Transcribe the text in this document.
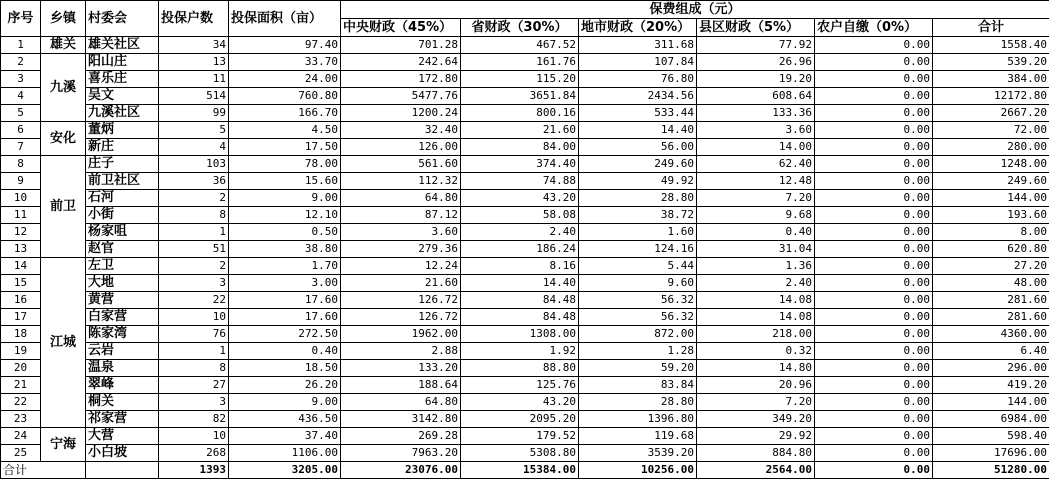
序号	乡镇	村委会	投保户数	投保面积（亩）	保费组成（元）					
					中央财政（45%）	省财政（30%）	地市财政（20%）	县区财政（5%）	农户自缴（0%）	合计
1	雄关	雄关社区	34	97.40	701.28	467.52	311.68	77.92	0.00	1558.40
2	九溪	阳山庄	13	33.70	242.64	161.76	107.84	26.96	0.00	539.20
3		喜乐庄	11	24.00	172.80	115.20	76.80	19.20	0.00	384.00
4		吴文	514	760.80	5477.76	3651.84	2434.56	608.64	0.00	12172.80
5		九溪社区	99	166.70	1200.24	800.16	533.44	133.36	0.00	2667.20
6	安化	董炳	5	4.50	32.40	21.60	14.40	3.60	0.00	72.00
7		新庄	4	17.50	126.00	84.00	56.00	14.00	0.00	280.00
8	前卫	庄子	103	78.00	561.60	374.40	249.60	62.40	0.00	1248.00
9		前卫社区	36	15.60	112.32	74.88	49.92	12.48	0.00	249.60
10		石河	2	9.00	64.80	43.20	28.80	7.20	0.00	144.00
11		小街	8	12.10	87.12	58.08	38.72	9.68	0.00	193.60
12		杨家咀	1	0.50	3.60	2.40	1.60	0.40	0.00	8.00
13		赵官	51	38.80	279.36	186.24	124.16	31.04	0.00	620.80
14	江城	左卫	2	1.70	12.24	8.16	5.44	1.36	0.00	27.20
15		大地	3	3.00	21.60	14.40	9.60	2.40	0.00	48.00
16		黄营	22	17.60	126.72	84.48	56.32	14.08	0.00	281.60
17		白家营	10	17.60	126.72	84.48	56.32	14.08	0.00	281.60
18		陈家湾	76	272.50	1962.00	1308.00	872.00	218.00	0.00	4360.00
19		云岩	1	0.40	2.88	1.92	1.28	0.32	0.00	6.40
20		温泉	8	18.50	133.20	88.80	59.20	14.80	0.00	296.00
21		翠峰	27	26.20	188.64	125.76	83.84	20.96	0.00	419.20
22		桐关	3	9.00	64.80	43.20	28.80	7.20	0.00	144.00
23		祁家营	82	436.50	3142.80	2095.20	1396.80	349.20	0.00	6984.00
24	宁海	大营	10	37.40	269.28	179.52	119.68	29.92	0.00	598.40
25		小白坡	268	1106.00	7963.20	5308.80	3539.20	884.80	0.00	17696.00
合计			1393	3205.00	23076.00	15384.00	10256.00	2564.00	0.00	51280.00
